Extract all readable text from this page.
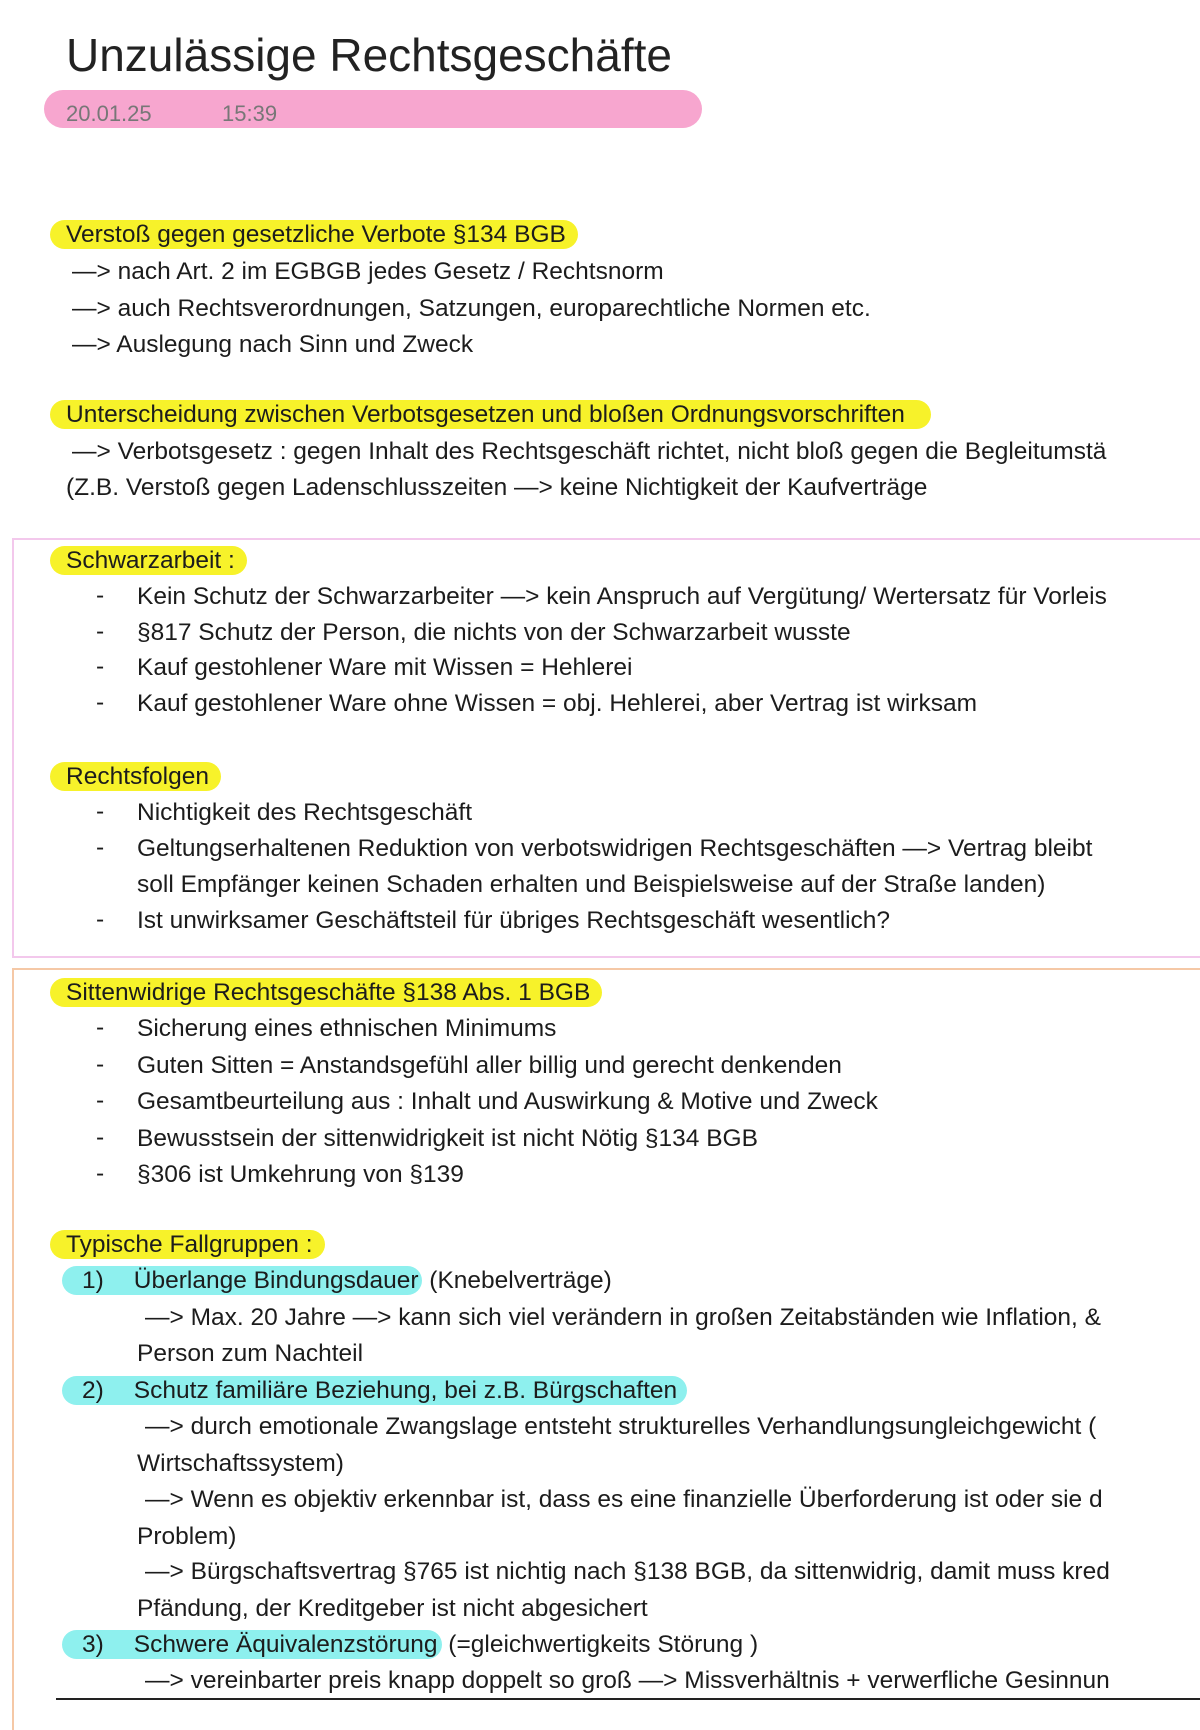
Unzulässige Rechtsgeschäfte
20.01.25	15:39
Verstoß gegen gesetzliche Verbote §134 BGB
—> nach Art. 2 im EGBGB jedes Gesetz / Rechtsnorm
—> auch Rechtsverordnungen, Satzungen, europarechtliche Normen etc.
—> Auslegung nach Sinn und Zweck
Unterscheidung zwischen Verbotsgesetzen und bloßen Ordnungsvorschriften
—> Verbotsgesetz : gegen Inhalt des Rechtsgeschäft richtet, nicht bloß gegen die Begleitumstä
(Z.B. Verstoß gegen Ladenschlusszeiten —> keine Nichtigkeit der Kaufverträge
Schwarzarbeit :
- Kein Schutz der Schwarzarbeiter —> kein Anspruch auf Vergütung/ Wertersatz für Vorleis
- §817 Schutz der Person, die nichts von der Schwarzarbeit wusste
- Kauf gestohlener Ware mit Wissen = Hehlerei
- Kauf gestohlener Ware ohne Wissen = obj. Hehlerei, aber Vertrag ist wirksam
Rechtsfolgen
- Nichtigkeit des Rechtsgeschäft
- Geltungserhaltenen Reduktion von verbotswidrigen Rechtsgeschäften —> Vertrag bleibt
soll Empfänger keinen Schaden erhalten und Beispielsweise auf der Straße landen)
- Ist unwirksamer Geschäftsteil für übriges Rechtsgeschäft wesentlich?
Sittenwidrige Rechtsgeschäfte §138 Abs. 1 BGB
- Sicherung eines ethnischen Minimums
- Guten Sitten = Anstandsgefühl aller billig und gerecht denkenden
- Gesamtbeurteilung aus : Inhalt und Auswirkung & Motive und Zweck
- Bewusstsein der sittenwidrigkeit ist nicht Nötig §134 BGB
- §306 ist Umkehrung von §139
Typische Fallgruppen :
1) Überlange Bindungsdauer (Knebelverträge)
—> Max. 20 Jahre —> kann sich viel verändern in großen Zeitabständen wie Inflation, &
Person zum Nachteil
2) Schutz familiäre Beziehung, bei z.B. Bürgschaften
—> durch emotionale Zwangslage entsteht strukturelles Verhandlungsungleichgewicht (
Wirtschaftssystem)
—> Wenn es objektiv erkennbar ist, dass es eine finanzielle Überforderung ist oder sie d
Problem)
—> Bürgschaftsvertrag §765 ist nichtig nach §138 BGB, da sittenwidrig, damit muss kred
Pfändung, der Kreditgeber ist nicht abgesichert
3) Schwere Äquivalenzstörung (=gleichwertigkeits Störung )
—> vereinbarter preis knapp doppelt so groß —> Missverhältnis + verwerfliche Gesinnun
